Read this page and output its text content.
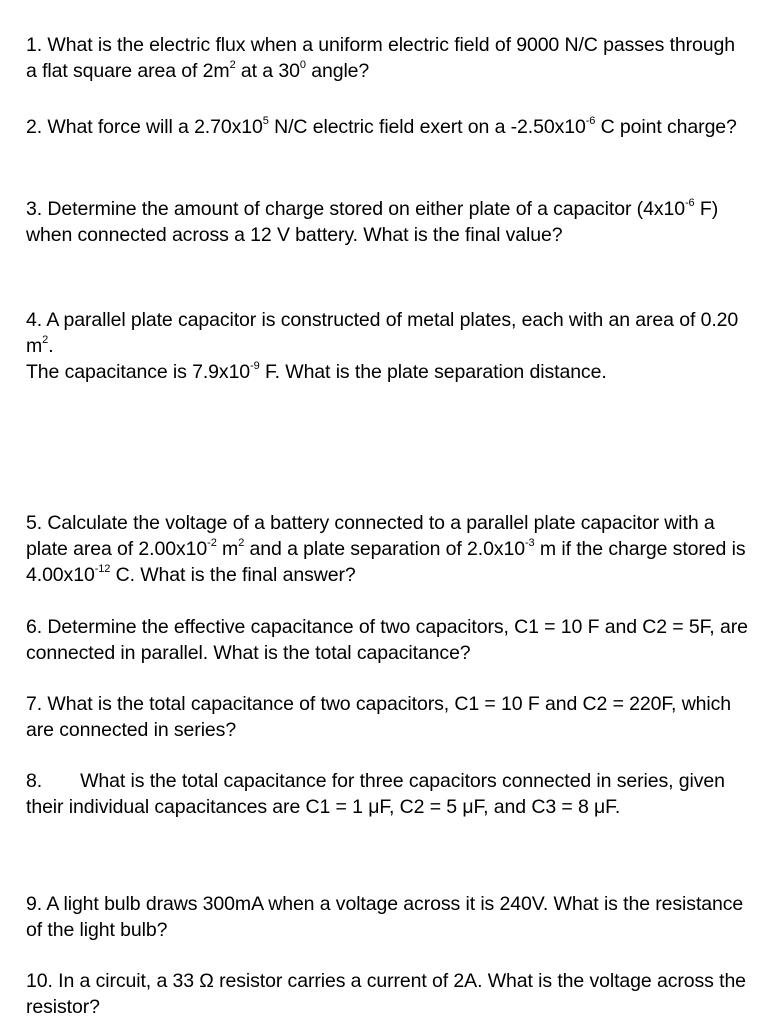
1. What is the electric flux when a uniform electric field of 9000 N/C passes through a flat square area of $2m^2$ at a $30^0$ angle?

2. What force will a $2.70x10^5$ N/C electric field exert on a $-2.50x10^{-6}$ C point charge?

3. Determine the amount of charge stored on either plate of a capacitor ($4x10^{-6}$ F) when connected across a 12 V battery. What is the final value?

4. A parallel plate capacitor is constructed of metal plates, each with an area of 0.20 $m^2$.

The capacitance is $7.9x10^{-9}$ F. What is the plate separation distance.

5. Calculate the voltage of a battery connected to a parallel plate capacitor with a plate area of $2.00x10^{-2}$ $m^2$ and a plate separation of $2.0x10^{-3}$ m if the charge stored is $4.00x10^{-12}$ C. What is the final answer?

6. Determine the effective capacitance of two capacitors, C1 = 10 F and C2 = 5F, are connected in parallel. What is the total capacitance?

7. What is the total capacitance of two capacitors, C1 = 10 F and C2 = 220F, which are connected in series?

8. What is the total capacitance for three capacitors connected in series, given their individual capacitances are C1 = 1 μF, C2 = 5 μF, and C3 = 8 μF.

9. A light bulb draws 300mA when a voltage across it is 240V. What is the resistance of the light bulb?

10. In a circuit, a 33 Ω resistor carries a current of 2A. What is the voltage across the resistor?
